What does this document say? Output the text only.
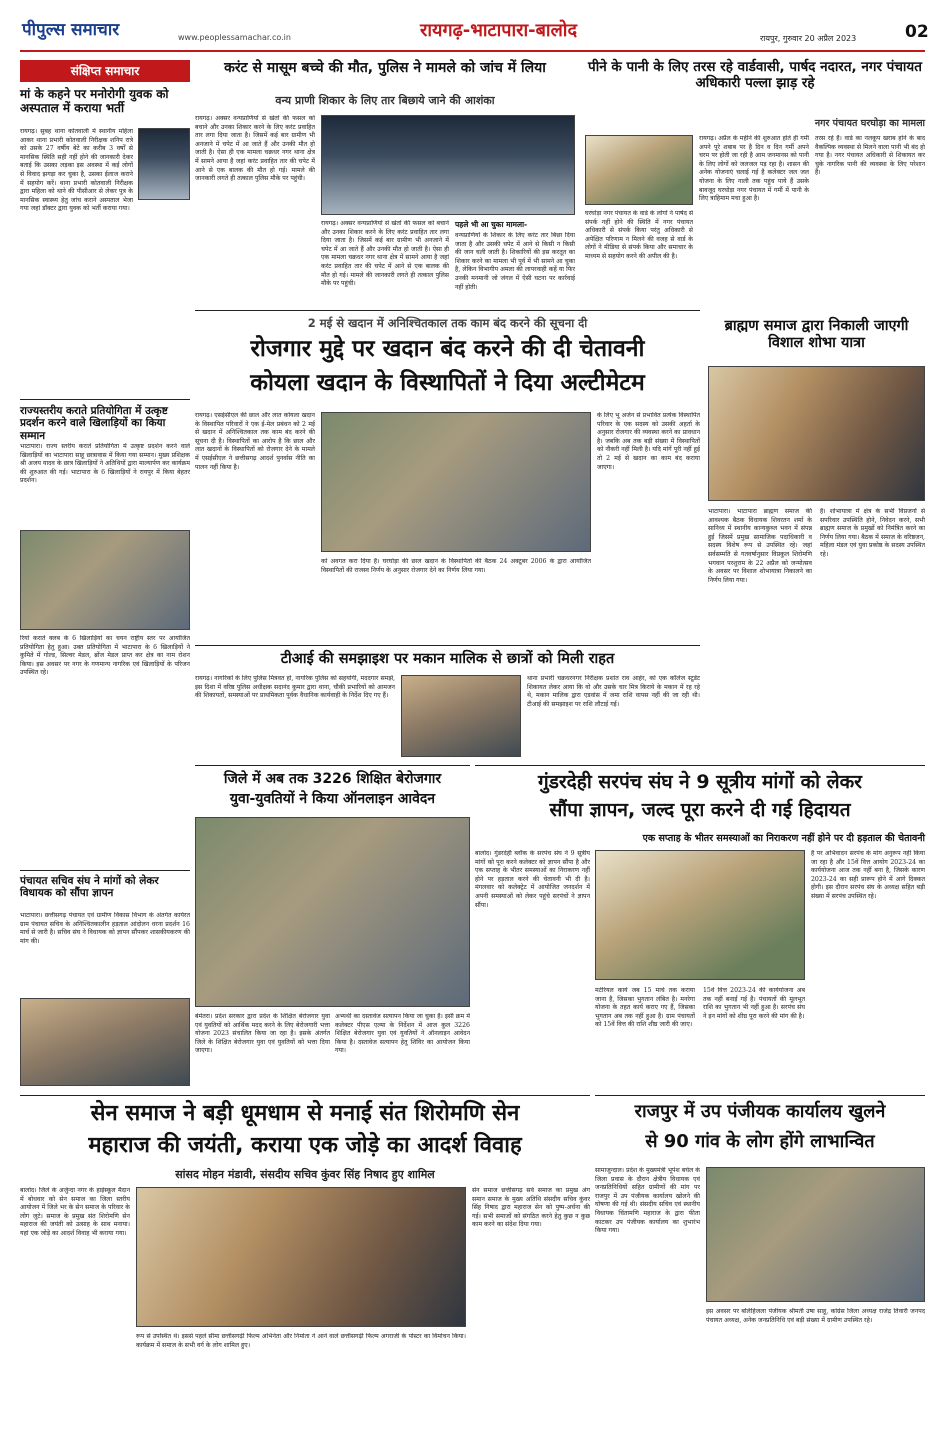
पीपुल्स समाचार	www.peoplessamachar.co.in	रायगढ़-भाटापारा-बालोद	रायपुर, गुरुवार 20 अप्रैल 2023	02
संक्षिप्त समाचार
मां के कहने पर मनोरोगी युवक को अस्पताल में कराया भर्ती
रायगढ़। सुबह थाना कोतवाली में स्थानीय महिला आकर थाना प्रभारी कोतवाली निरीक्षक शनिप रात्रे को उसके 27 वर्षीय बेटे का करीब 3 वर्षों से मानसिक स्थिति सही नहीं होने की जानकारी देकर बताई कि उसका लड़का इस अवस्था में कई लोगों से विवाद झगड़ा कर चुका है, उसका ईलाज कराने में सहयोग करें। थाना प्रभारी कोतवाली निरीक्षक द्वारा महिला को थाने की पीसीआर से लेकर पुत्र के मानसिक स्वास्थ्य हेतु जांच कराने अस्पताल भेजा गया जहां डॉक्टर द्वारा युवक को भर्ती कराया गया।
राज्यस्तरीय कराते प्रतियोगिता में उत्कृष्ट प्रदर्शन करने वाले खिलाड़ियों का किया सम्मान
भाटापारा। राज्य स्तरीय कराते प्रतियोगिता में उत्कृष्ट प्रदर्शन करने वाले खिलाड़ियों का भाटापारा साहू छात्रावास में किया गया सम्मान। मुख्य प्रशिक्षक श्री अजय यादव के छात्र खिलाड़ियों ने अतिथियों द्वारा माल्यार्पण कर कार्यक्रम की शुरुआत की गई। भाटापारा के 6 खिलाड़ियों ने रायपुर में किया बेहतर प्रदर्शन।
रियो कराते क्लब के 6 खिलाड़ियों का चयन राष्ट्रीय स्तर पर आयोजित प्रतियोगिता हेतु हुआ। उक्त प्रतियोगिता में भाटापारा के 6 खिलाड़ियों ने कुमिते में गोल्ड, सिल्वर मेडल, ब्रोंज मेडल प्राप्त कर क्षेत्र का नाम रोशन किया। इस अवसर पर नगर के गणमान्य नागरिक एवं खिलाड़ियों के परिजन उपस्थित रहे।
पंचायत सचिव संघ ने मांगों को लेकर विधायक को सौंपा ज्ञापन
भाटापारा। छत्तीसगढ़ पंचायत एवं ग्रामीण विकास विभाग के अंतर्गत कार्यरत ग्राम पंचायत सचिव के अनिश्चितकालीन हड़ताल आंदोलन धरना प्रदर्शन 16 मार्च से जारी है। सचिव संघ ने विधायक को ज्ञापन सौंपकर शासकीयकरण की मांग की।
करंट से मासूम बच्चे की मौत, पुलिस ने मामले को जांच में लिया
वन्य प्राणी शिकार के लिए तार बिछाये जाने की आशंका
रायगढ़। अक्सर वन्यप्राणियों से खेतों की फसल को बचाने और उनका शिकार करने के लिए करंट प्रवाहित तार लगा दिया जाता है। जिसमें कई बार ग्रामीण भी अनजाने में चपेट में आ जाते हैं और उनकी मौत हो जाती है। ऐसा ही एक मामला चक्रधर नगर थाना क्षेत्र में सामने आया है जहां करंट प्रवाहित तार की चपेट में आने से एक बालक की मौत हो गई। मामले की जानकारी लगते ही तत्काल पुलिस मौके पर पहुंची।
पहले भी आ चुका मामला-
वन्यप्राणियों के शिकार के लिए करंट तार बिछा दिया जाता है और उसकी चपेट में आने से किसी न किसी की जान चली जाती है। शिकारियों की इस करतूत का शिकार करने का मामला भी पूर्व में भी सामने आ चुका है, लेकिन विभागीय अमला की लापरवाही कहें या फिर उनकी मनमानी जो जंगल में ऐसी घटना पर कार्रवाई नहीं होती।
रायगढ़। अक्सर वन्यप्राणियों से खेतों की फसल को बचाने और उनका शिकार करने के लिए करंट प्रवाहित तार लगा दिया जाता है। जिसमें कई बार ग्रामीण भी अनजाने में चपेट में आ जाते हैं और उनकी मौत हो जाती है। ऐसा ही एक मामला चक्रधर नगर थाना क्षेत्र में सामने आया है जहां करंट प्रवाहित तार की चपेट में आने से एक बालक की मौत हो गई। मामले की जानकारी लगते ही तत्काल पुलिस मौके पर पहुंची।
पीने के पानी के लिए तरस रहे वार्डवासी, पार्षद नदारत, नगर पंचायत अधिकारी पल्ला झाड़ रहे
नगर पंचायत घरघोड़ा का मामला
रायगढ़। अप्रैल के महीने की शुरुआत होते ही गर्मी अपने पूरे शबाब पर है दिन व दिन गर्मी अपने चरम पर होती जा रही है आम जनमानस को पानी के लिए लोगों को जलजल पड़ रहा है। शासन की अनेक योजनाएं चलाई गई है कलेक्टर जल जल योजना के लिए नाली तक पहुंच पाये हैं उसके बावजूद घरघोड़ा नगर पंचायत में गर्मी में पानी के लिए त्राहिमाम मचा हुआ है।
घरघोड़ा नगर पंचायत के वार्ड के लोगों ने पार्षद से संपर्क नहीं होने की स्थिति में नगर पंचायत अधिकारी से संपर्क किया परंतु अधिकारी से अपेक्षित परिणाम न मिलने की वजह से वार्ड के लोगों ने मीडिया से संपर्क किया और समाचार के माध्यम से सहयोग करने की अपील की है।
तरस रहे हैं। वार्ड का नलकूप खराब होने के बाद वैकल्पिक व्यवस्था से मिलने वाला पानी भी बंद हो गया है। नगर पंचायत अधिकारी से शिकायत कर चुके नागरिक पानी की व्यवस्था के लिए परेशान हैं।
2 मई से खदान में अनिश्चितकाल तक काम बंद करने की सूचना दी
रोजगार मुद्दे पर खदान बंद करने की दी चेतावनी
कोयला खदान के विस्थापितों ने दिया अल्टीमेटम
रायगढ़। एसईसीएल की छाल और लात कोयला खदान के विस्थापित परिवारों ने एक ई-मेल प्रबंधन को 2 मई से खदान में अनिश्चितकाल तक काम बंद करने की सूचना दी है। विस्थापितों का आरोप है कि छाल और लात खदानों के विस्थापितों को रोजगार देने के मामले में एसईसीएल ने छत्तीसगढ़ आदर्श पुनर्वास नीति का पालन नहीं किया है।
को अवगत करा दिया है। घरघोड़ा की छाल खदान के विस्थापितों की बैठक 24 अक्टूबर 2006 के द्वारा आयोजित विस्थापितों की राजस्व निर्णय के अनुसार रोजगार देने का निर्णय लिया गया।
के लिए भू अर्जन से प्रभावित प्रत्येक विस्थापित परिवार के एक सदस्य को उसकी अहर्ता के अनुसार रोजगार की व्यवस्था करने का प्रावधान है। जबकि अब तक बड़ी संख्या में विस्थापितों को नौकरी नहीं मिली है। यदि मांगें पूरी नहीं हुई तो 2 मई से खदान का काम बंद कराया जाएगा।
ब्राह्मण समाज द्वारा निकाली जाएगी विशाल शोभा यात्रा
भाटापारा। भाटापारा ब्राह्मण समाज की आवश्यक बैठक विधायक शिवरतन शर्मा के सानिध्य में स्थानीय कान्यकुब्ज भवन में संपन्न हुई जिसमें प्रमुख सामाजिक पदाधिकारी व सदस्य विशेष रूप से उपस्थित रहे। जहां सर्वसम्मति से गतवर्षानुसार विप्रकुल शिरोमणि भगवान परशुराम के 22 अप्रैल को जन्मोत्सव के अवसर पर विशाल शोभायात्रा निकालने का निर्णय लिया गया।
है। शोभायात्रा में क्षेत्र के सभी विप्रजनों से सपरिवार उपस्थिति होने, निवेदन करने, सभी ब्राह्मण समाज के प्रमुखों को निमंत्रित करने का निर्णय लिया गया। बैठक में समाज के वरिष्ठजन, महिला मंडल एवं युवा प्रकोष्ठ के सदस्य उपस्थित रहे।
टीआई की समझाइश पर मकान मालिक से छात्रों को मिली राहत
रायगढ़। नागरिकों के लिए पुलिस मित्रवत हो, नागरिक पुलिस को सहयोगी, मददगार समझें, इस दिशा में वरिष्ठ पुलिस अधीक्षक सदानंद कुमार द्वारा थाना, चौकी प्रभारियों को आमजन की शिकायतों, समस्याओं पर प्राथमिकता पूर्वक वैधानिक कार्यवाही के निर्देश दिए गए हैं।
थाना प्रभारी चक्रधरनगर निरीक्षक प्रशांत राव आहेर, को एक कॉलेज स्टूडेंट शिकायत लेकर आया कि वो और उसके चार मित्र किराये के मकान में रह रहे थे, मकान मालिक द्वारा एडवांस में जमा राशि वापस नहीं की जा रही थी। टीआई की समझाइश पर राशि लौटाई गई।
जिले में अब तक 3226 शिक्षित बेरोजगार
युवा-युवतियों ने किया ऑनलाइन आवेदन
बेमेतरा। प्रदेश सरकार द्वारा प्रदेश के शिक्षित बेरोजगार युवा एवं युवतियों को आर्थिक मदद करने के लिए बेरोजगारी भत्ता योजना 2023 संचालित किया जा रहा है। इसके अंतर्गत जिले के शिक्षित बेरोजगार युवा एवं युवतियों को भत्ता दिया जाएगा।
अभ्यर्थी का दस्तावेज सत्यापन किया जा चुका है। इसी क्रम में कलेक्टर पीएस एल्मा के निर्देशन में आज कुल 3226 शिक्षित बेरोजगार युवा एवं युवतियों ने ऑनलाइन आवेदन किया है। दस्तावेज सत्यापन हेतु शिविर का आयोजन किया गया।
गुंडरदेही सरपंच संघ ने 9 सूत्रीय मांगों को लेकर
सौंपा ज्ञापन, जल्द पूरा करने दी गई हिदायत
एक सप्ताह के भीतर समस्याओं का निराकरण नहीं होने पर दी हड़ताल की चेतावनी
बालोद। गुंडरदेही ब्लॉक के सरपंच संघ ने 9 सूत्रीय मांगों को पूरा करने कलेक्टर को ज्ञापन सौंपा है और एक सप्ताह के भीतर समस्याओं का निराकरण नहीं होने पर हड़ताल करने की चेतावनी भी दी है। मंगलवार को कलेक्ट्रेट में आयोजित जनदर्शन में अपनी समस्याओं को लेकर पहुंचे सरपंचों ने ज्ञापन सौंपा।
मटेरियल कार्य जब 15 मार्च तक कराया जाना है, जिसका भुगतान लंबित है। मनरेगा योजना के तहत कार्य कराए गए हैं, जिसका भुगतान अब तक नहीं हुआ है। ग्राम पंचायतों को 15वें वित्त की राशि शीघ्र जारी की जाए।
15वें वित्त 2023-24 की कार्ययोजना अब तक नहीं बनाई गई है। पंचायतों की मूलभूत राशि का भुगतान भी नहीं हुआ है। सरपंच संघ ने इन मांगों को शीघ्र पूरा करने की मांग की है।
है पर अभिवादन सरपंच के मांग अनुरूप नहीं किया जा रहा है और 15वें वित्त आयोग 2023-24 का कार्ययोजना आज तक नहीं बना है, जिसके कारण 2023-24 का सही प्रारूप होने में आगे दिक्कत होगी। इस दौरान सरपंच संघ के अध्यक्ष सहित बड़ी संख्या में सरपंच उपस्थित रहे।
सेन समाज ने बड़ी धूमधाम से मनाई संत शिरोमणि सेन
महाराज की जयंती, कराया एक जोड़े का आदर्श विवाह
सांसद मोहन मंडावी, संसदीय सचिव कुंवर सिंह निषाद हुए शामिल
बालोद। जिले के अर्जुन्दा नगर के हाईस्कूल मैदान में बोधवार को सेन समाज का जिला स्तरीय आयोजन में जिले भर के सेन समाज के परिवार के लोग जुटे। समाज के प्रमुख संत शिरोमणि सेन महाराज की जयंती को उत्साह के साथ मनाया। यहां एक जोड़े का आदर्श विवाह भी कराया गया।
रूप से उपस्थित थे। इससे पहले सीमा छत्तीसगढ़ी फिल्म अभिनेता और निर्माता ने आने वाले छत्तीसगढ़ी फिल्म अगराजी के पोस्टर का विमोचन किया। कार्यक्रम में समाज के सभी वर्ग के लोग शामिल हुए।
सेन समाज छत्तीसगढ़ सर्व समाज का प्रमुख अंग समान समाज के मुख्य अतिथि संसदीय सचिव कुंवर सिंह निषाद द्वारा महाराज सेन को पुष्प-अर्चना की गई। सभी समाजों को संगठित करने हेतु कुछ न कुछ काम करने का संदेश दिया गया।
राजपुर में उप पंजीयक कार्यालय खुलने
से 90 गांव के लोग होंगे लाभान्वित
सामाजुन्दाल। प्रदेश के मुख्यमंत्री भूपेश बघेल के जिला प्रवास के दौरान क्षेत्रीय विधायक एवं जनप्रतिनिधियों सहित ग्रामीणों की मांग पर राजपुर में उप पंजीयक कार्यालय खोलने की घोषणा की गई थी। संसदीय सचिव एवं स्थानीय विधायक चिंतामणि महाराज के द्वारा फीता काटकर उप पंजीयक कार्यालय का शुभारंभ किया गया।
इस अवसर पर बलिहिजला पंजीयक श्रीमती उषा साहू, कांग्रेस जिला अध्यक्ष राजेंद्र तिवारी जनपद पंचायत अध्यक्ष, अनेक जनप्रतिनिधि एवं बड़ी संख्या में ग्रामीण उपस्थित रहे।
